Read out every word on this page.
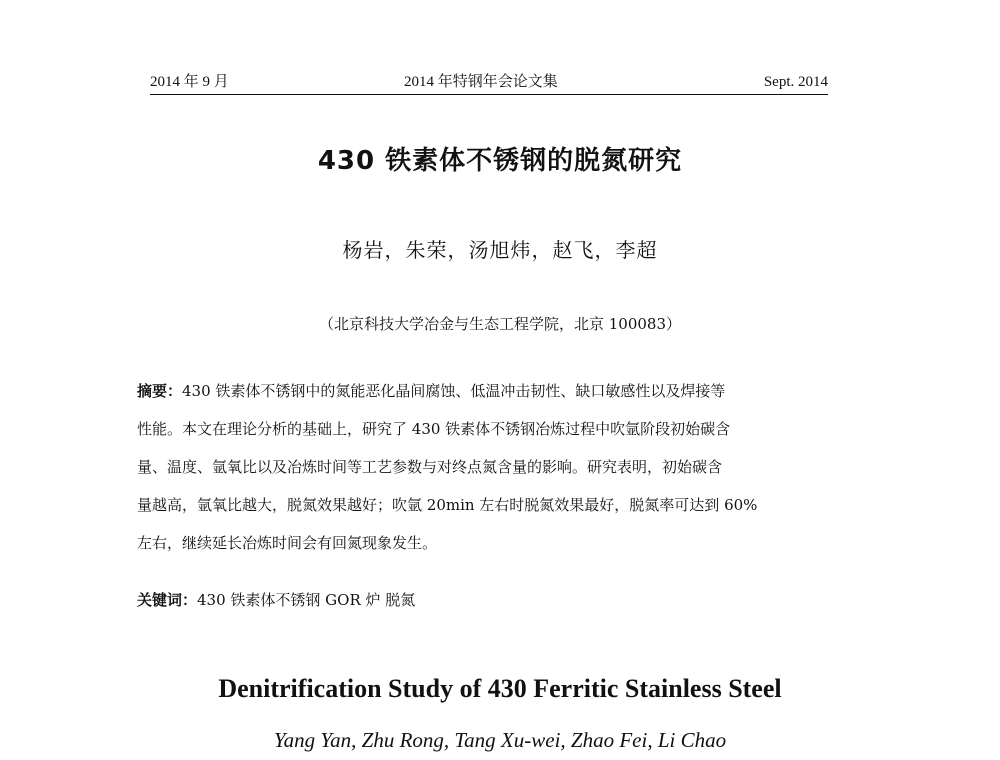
2014 年 9 月	2014 年特钢年会论文集	Sept. 2014
430 铁素体不锈钢的脱氮研究
杨岩，朱荣，汤旭炜，赵飞，李超
（北京科技大学冶金与生态工程学院，北京 100083）
摘要：430 铁素体不锈钢中的氮能恶化晶间腐蚀、低温冲击韧性、缺口敏感性以及焊接等
性能。本文在理论分析的基础上，研究了 430 铁素体不锈钢冶炼过程中吹氩阶段初始碳含
量、温度、氩氧比以及冶炼时间等工艺参数与对终点氮含量的影响。研究表明，初始碳含
量越高，氩氧比越大，脱氮效果越好；吹氩 20min 左右时脱氮效果最好，脱氮率可达到 60%
左右，继续延长冶炼时间会有回氮现象发生。
关键词：430 铁素体不锈钢 GOR 炉 脱氮
Denitrification Study of 430 Ferritic Stainless Steel
Yang Yan, Zhu Rong, Tang Xu-wei, Zhao Fei, Li Chao
